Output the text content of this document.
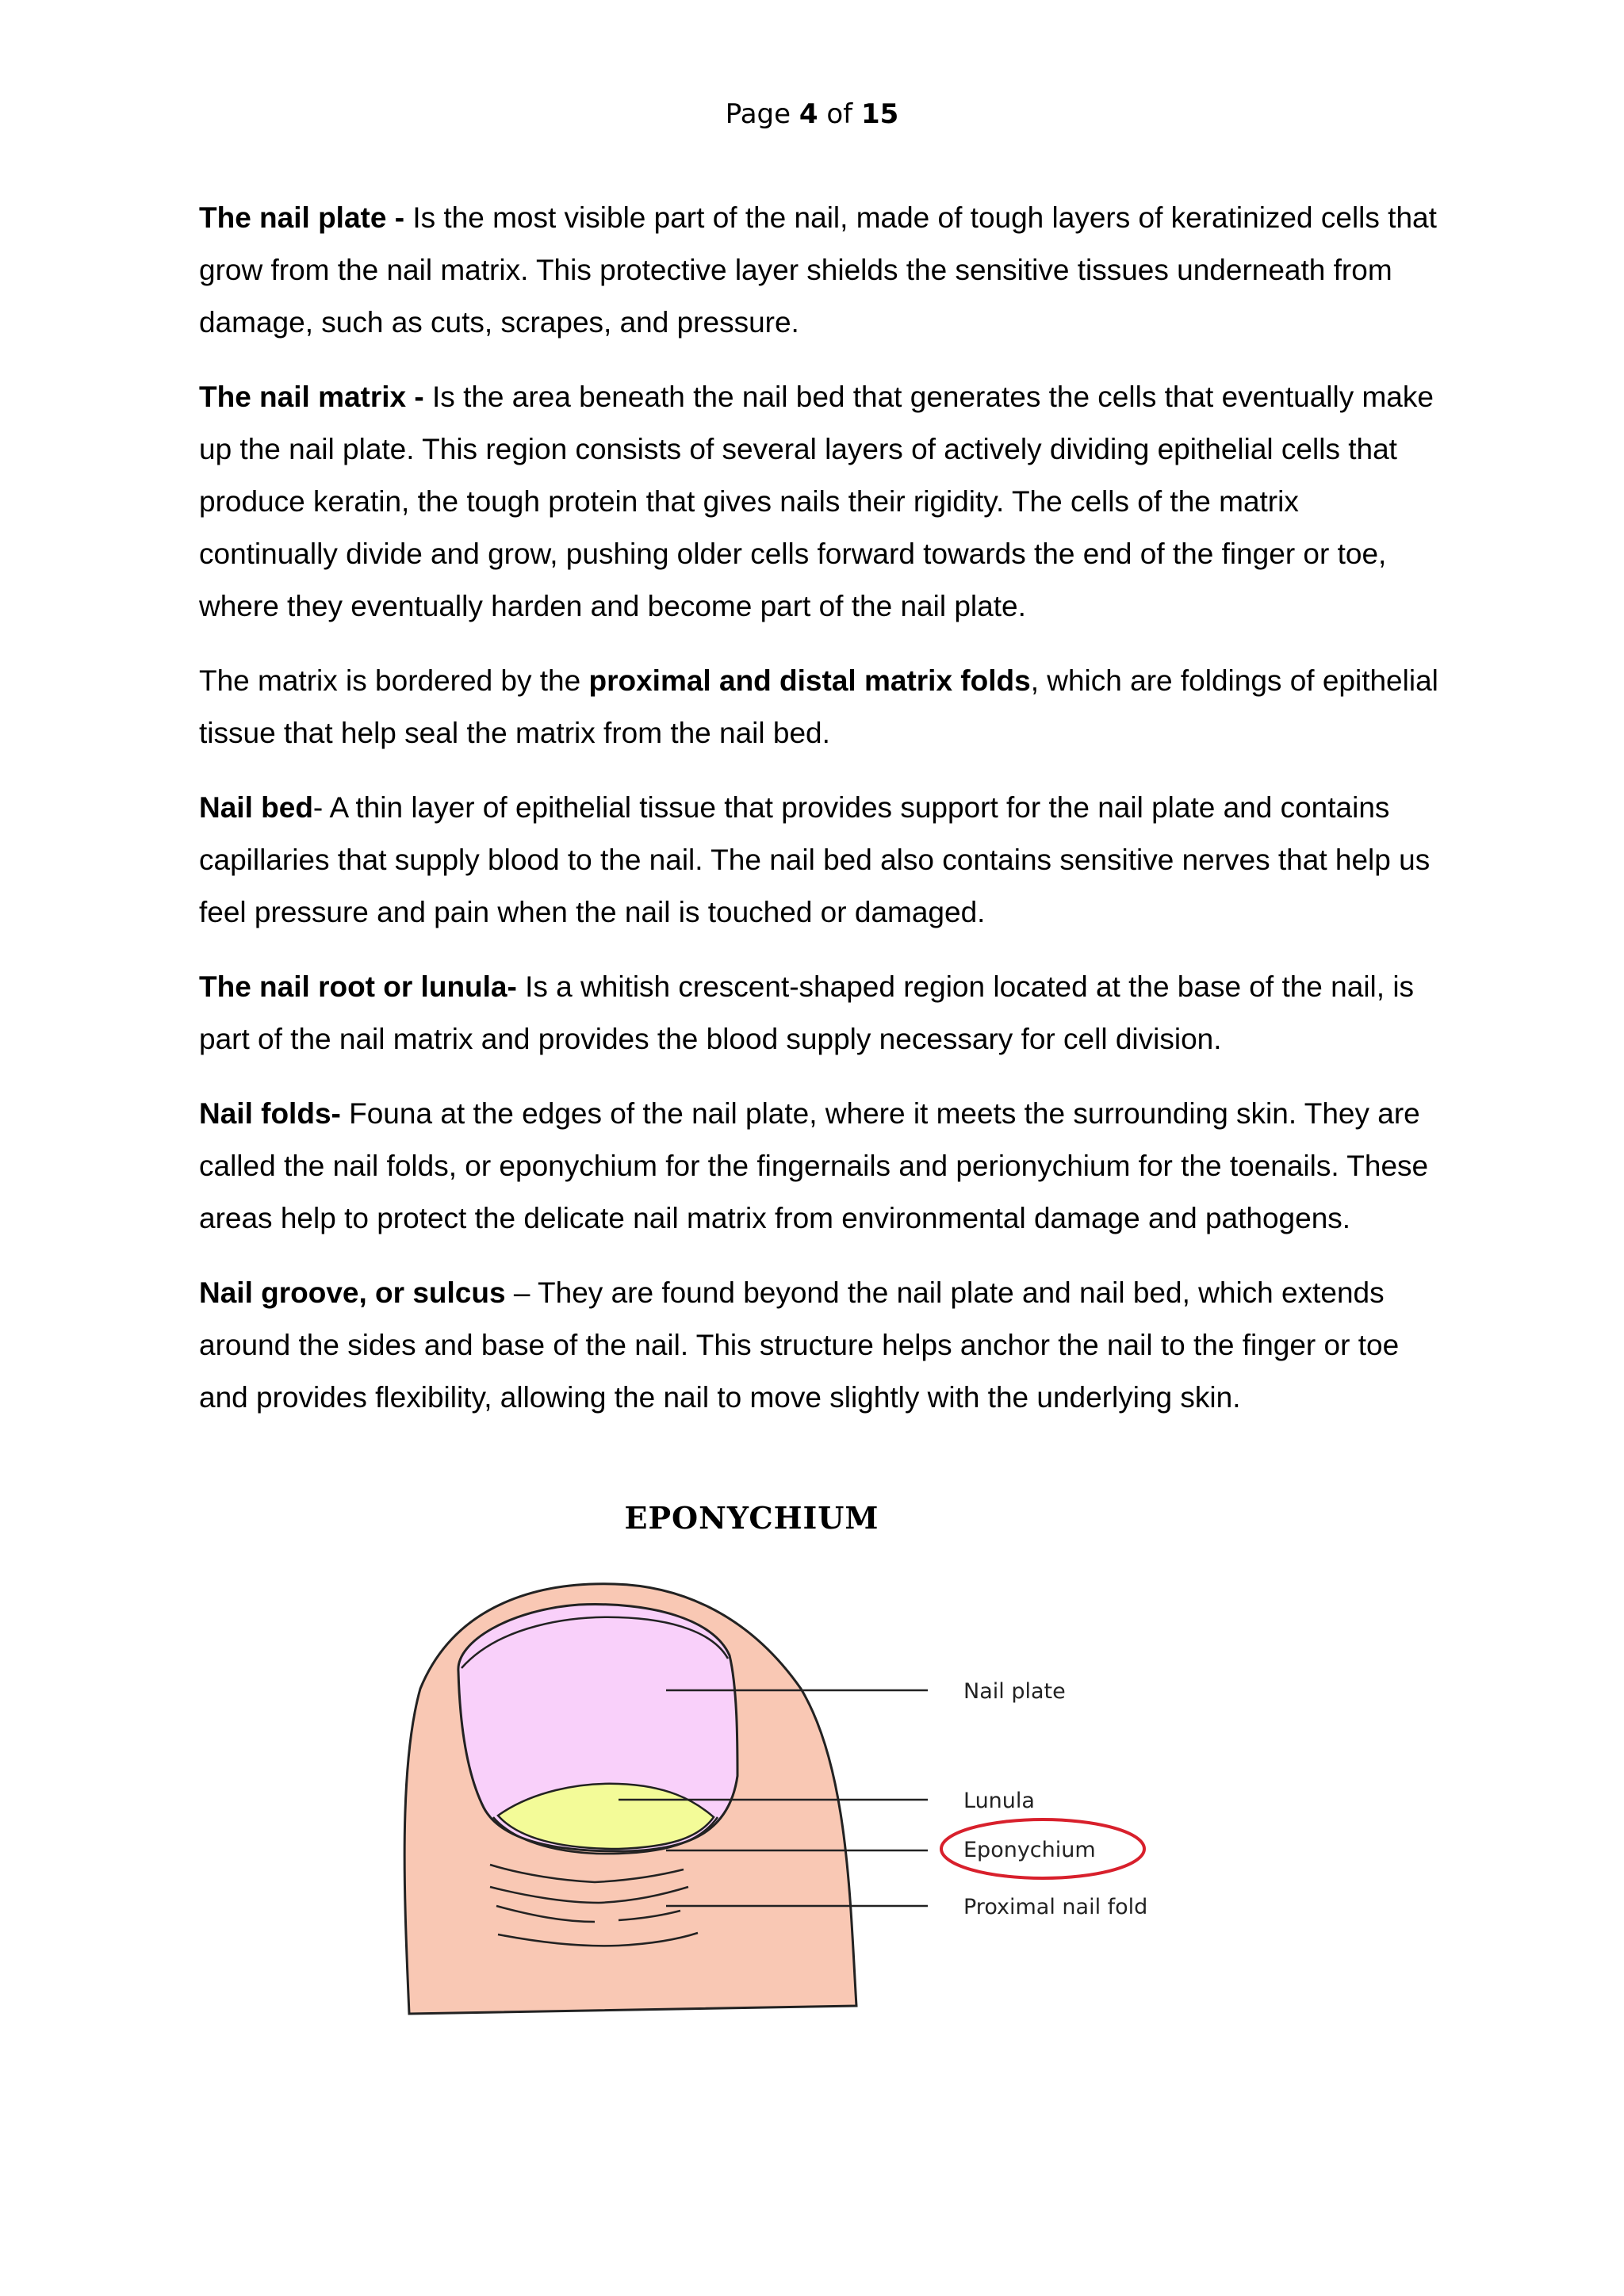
Page 4 of 15

The nail plate - Is the most visible part of the nail, made of tough layers of keratinized cells that grow from the nail matrix. This protective layer shields the sensitive tissues underneath from damage, such as cuts, scrapes, and pressure.

The nail matrix - Is the area beneath the nail bed that generates the cells that eventually make up the nail plate. This region consists of several layers of actively dividing epithelial cells that produce keratin, the tough protein that gives nails their rigidity. The cells of the matrix continually divide and grow, pushing older cells forward towards the end of the finger or toe, where they eventually harden and become part of the nail plate.

The matrix is bordered by the proximal and distal matrix folds, which are foldings of epithelial tissue that help seal the matrix from the nail bed.

Nail bed- A thin layer of epithelial tissue that provides support for the nail plate and contains capillaries that supply blood to the nail. The nail bed also contains sensitive nerves that help us feel pressure and pain when the nail is touched or damaged.

The nail root or lunula- Is a whitish crescent-shaped region located at the base of the nail, is part of the nail matrix and provides the blood supply necessary for cell division.

Nail folds- Founa at the edges of the nail plate, where it meets the surrounding skin. They are called the nail folds, or eponychium for the fingernails and perionychium for the toenails. These areas help to protect the delicate nail matrix from environmental damage and pathogens.

Nail groove, or sulcus – They are found beyond the nail plate and nail bed, which extends around the sides and base of the nail. This structure helps anchor the nail to the finger or toe and provides flexibility, allowing the nail to move slightly with the underlying skin.

EPONYCHIUM
Nail plate
Lunula
Eponychium
Proximal nail fold
